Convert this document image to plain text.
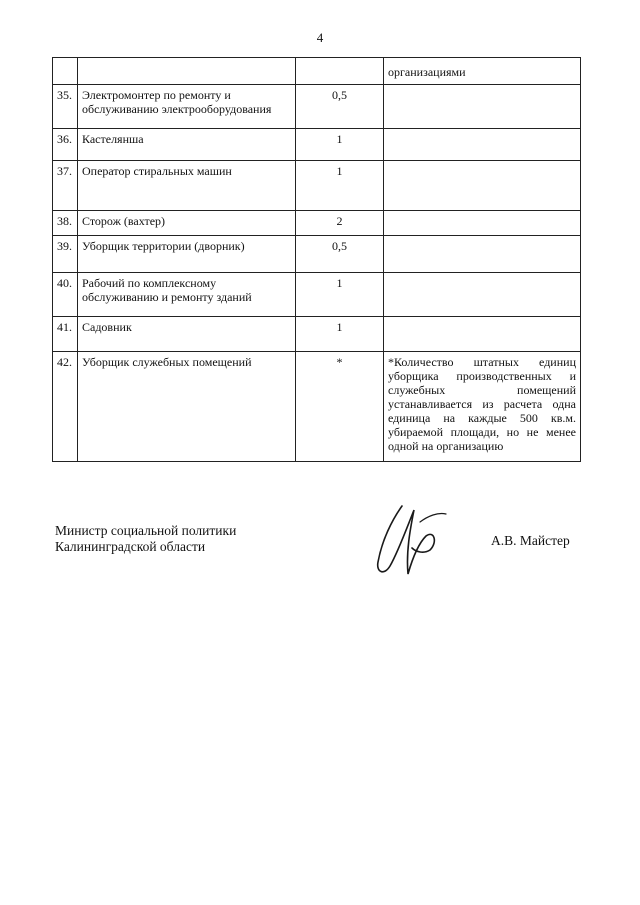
4
			организациями
35.	Электромонтер по ремонту и обслуживанию электрооборудования	0,5	
36.	Кастелянша	1	
37.	Оператор стиральных машин	1	
38.	Сторож (вахтер)	2	
39.	Уборщик территории (дворник)	0,5	
40.	Рабочий по комплексному обслуживанию и ремонту зданий	1	
41.	Садовник	1	
42.	Уборщик служебных помещений	*	*Количество штатных единиц уборщика производственных и служебных помещений устанавливается из расчета одна единица на каждые 500 кв.м. убираемой площади, но не менее одной на организацию
Министр социальной политики
Калининградской области	А.В. Майстер
